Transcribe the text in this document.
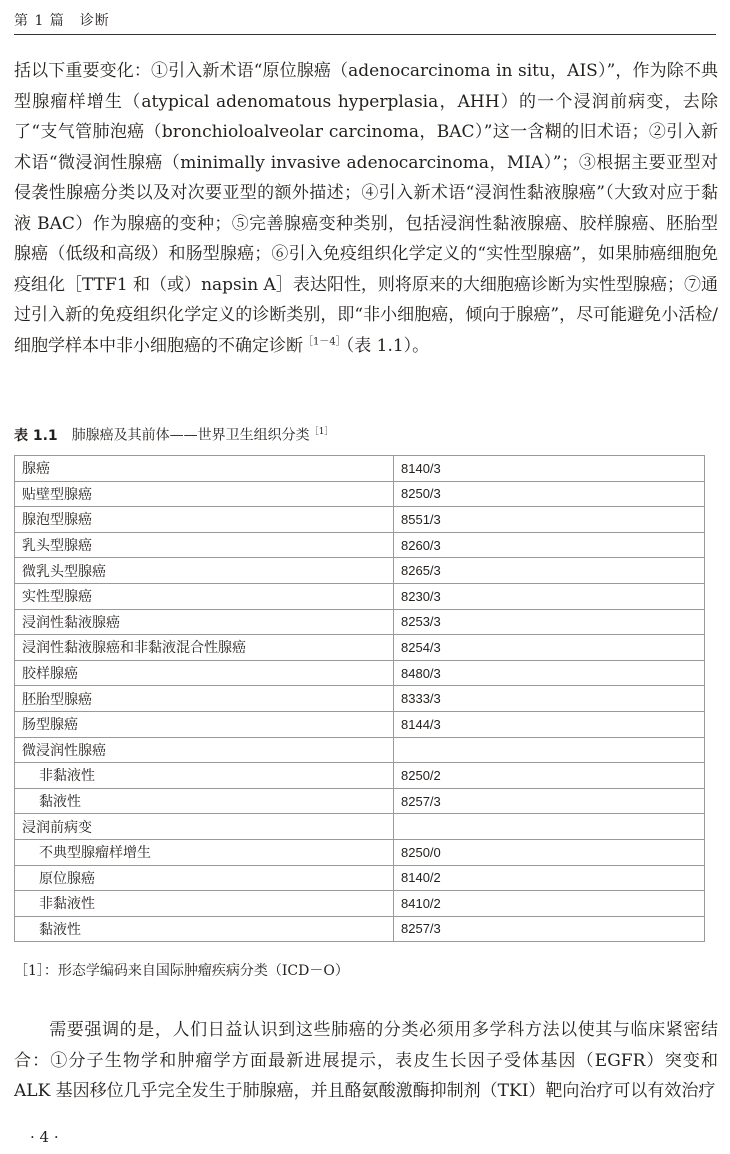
第 1 篇　诊断
括以下重要变化：①引入新术语“原位腺癌（adenocarcinoma in situ，AIS）”，作为除不典型腺瘤样增生（atypical adenomatous hyperplasia，AHH）的一个浸润前病变，去除了“支气管肺泡癌（bronchioloalveolar carcinoma，BAC）”这一含糊的旧术语；②引入新术语“微浸润性腺癌（minimally invasive adenocarcinoma，MIA）”；③根据主要亚型对侵袭性腺癌分类以及对次要亚型的额外描述；④引入新术语“浸润性黏液腺癌”（大致对应于黏液 BAC）作为腺癌的变种；⑤完善腺癌变种类别，包括浸润性黏液腺癌、胶样腺癌、胚胎型腺癌（低级和高级）和肠型腺癌；⑥引入免疫组织化学定义的“实性型腺癌”，如果肺癌细胞免疫组化［TTF1 和（或）napsin A］表达阳性，则将原来的大细胞癌诊断为实性型腺癌；⑦通过引入新的免疫组织化学定义的诊断类别，即“非小细胞癌，倾向于腺癌”，尽可能避免小活检/细胞学样本中非小细胞癌的不确定诊断$^{[1-4]}$（表 1.1）。
表 1.1 肺腺癌及其前体——世界卫生组织分类$^{[1]}$
腺癌	8140/3
贴壁型腺癌	8250/3
腺泡型腺癌	8551/3
乳头型腺癌	8260/3
微乳头型腺癌	8265/3
实性型腺癌	8230/3
浸润性黏液腺癌	8253/3
浸润性黏液腺癌和非黏液混合性腺癌	8254/3
胶样腺癌	8480/3
胚胎型腺癌	8333/3
肠型腺癌	8144/3
微浸润性腺癌	
非黏液性	8250/2
黏液性	8257/3
浸润前病变	
不典型腺瘤样增生	8250/0
原位腺癌	8140/2
非黏液性	8410/2
黏液性	8257/3
［1］：形态学编码来自国际肿瘤疾病分类（ICD－O）
　　需要强调的是，人们日益认识到这些肺癌的分类必须用多学科方法以使其与临床紧密结合：①分子生物学和肿瘤学方面最新进展提示，表皮生长因子受体基因（EGFR）突变和 ALK 基因移位几乎完全发生于肺腺癌，并且酪氨酸激酶抑制剂（TKI）靶向治疗可以有效治疗
· 4 ·
